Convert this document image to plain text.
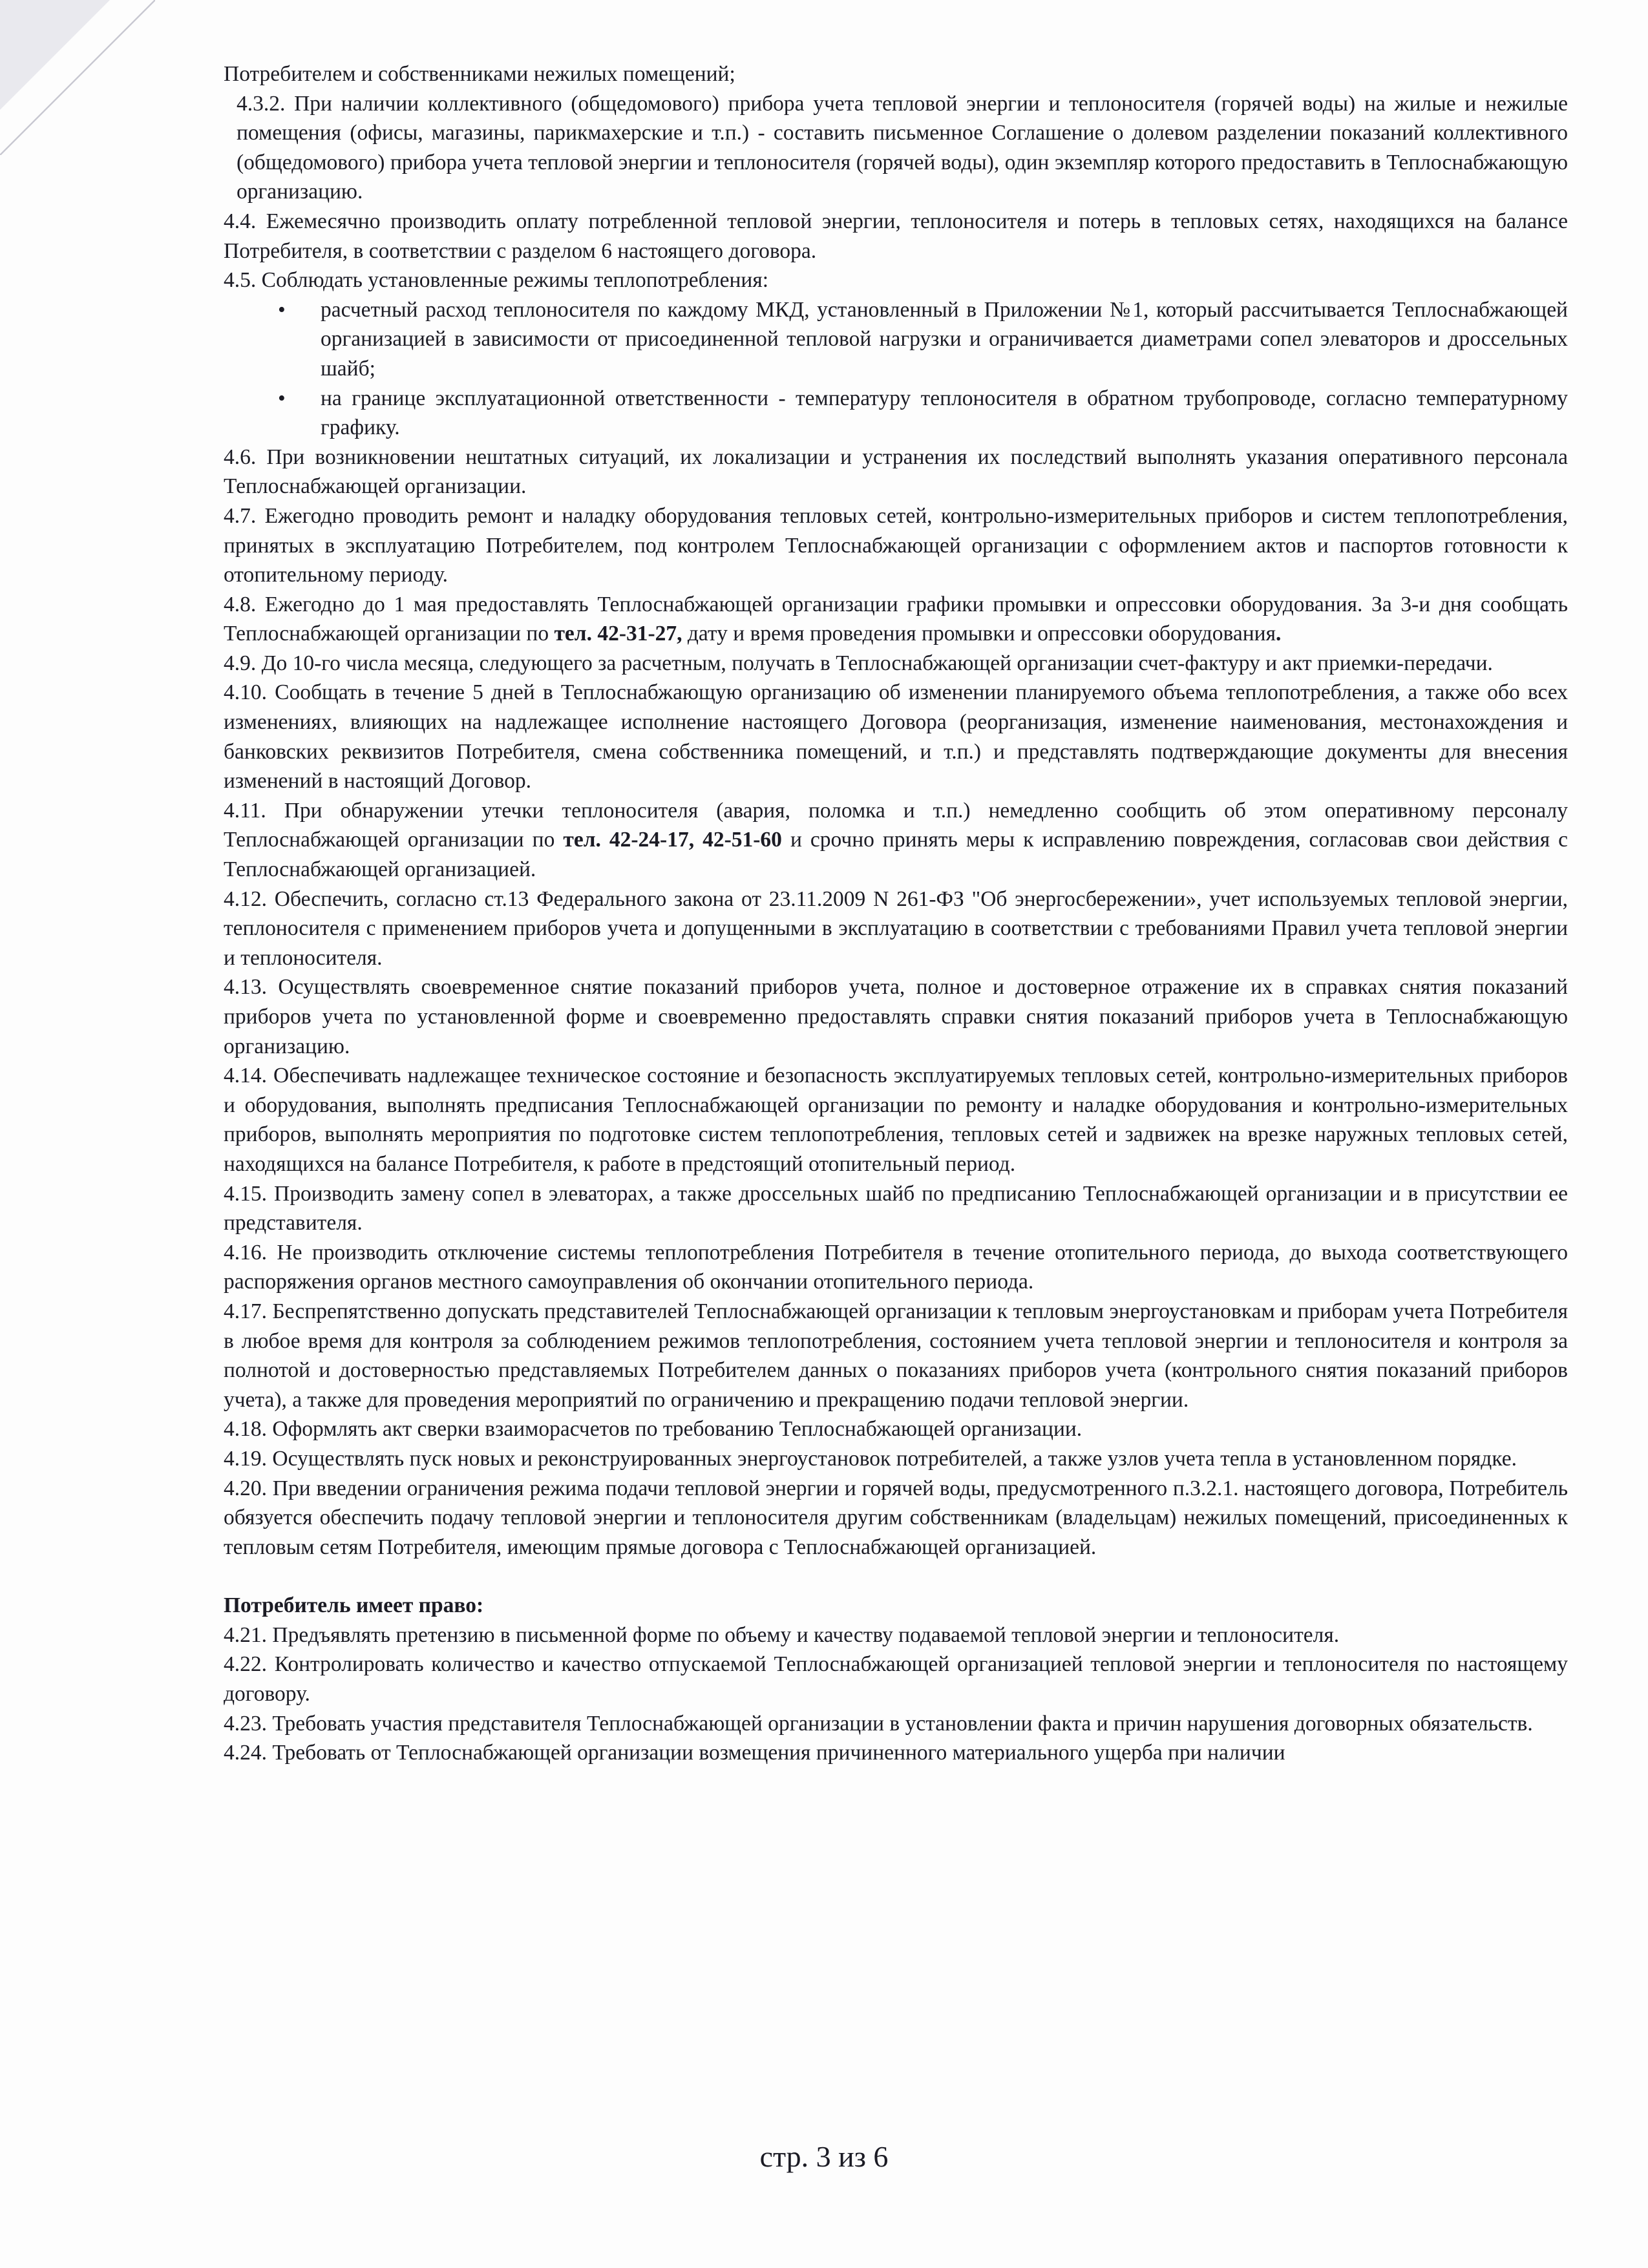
Потребителем и собственниками нежилых помещений;

4.3.2. При наличии коллективного (общедомового) прибора учета тепловой энергии и теплоносителя (горячей воды) на жилые и нежилые помещения (офисы, магазины, парикмахерские и т.п.) - составить письменное Соглашение о долевом разделении показаний коллективного (общедомового) прибора учета тепловой энергии и теплоносителя (горячей воды), один экземпляр которого предоставить в Теплоснабжающую организацию.

4.4. Ежемесячно производить оплату потребленной тепловой энергии, теплоносителя и потерь в тепловых сетях, находящихся на балансе Потребителя, в соответствии с разделом 6 настоящего договора.

4.5. Соблюдать установленные режимы теплопотребления:

• расчетный расход теплоносителя по каждому МКД, установленный в Приложении №1, который рассчитывается Теплоснабжающей организацией в зависимости от присоединенной тепловой нагрузки и ограничивается диаметрами сопел элеваторов и дроссельных шайб;
• на границе эксплуатационной ответственности - температуру теплоносителя в обратном трубопроводе, согласно температурному графику.

4.6. При возникновении нештатных ситуаций, их локализации и устранения их последствий выполнять указания оперативного персонала Теплоснабжающей организации.

4.7. Ежегодно проводить ремонт и наладку оборудования тепловых сетей, контрольно-измерительных приборов и систем теплопотребления, принятых в эксплуатацию Потребителем, под контролем Теплоснабжающей организации с оформлением актов и паспортов готовности к отопительному периоду.

4.8. Ежегодно до 1 мая предоставлять Теплоснабжающей организации графики промывки и опрессовки оборудования. За 3-и дня сообщать Теплоснабжающей организации по тел. 42-31-27, дату и время проведения промывки и опрессовки оборудования.

4.9. До 10-го числа месяца, следующего за расчетным, получать в Теплоснабжающей организации счет-фактуру и акт приемки-передачи.

4.10. Сообщать в течение 5 дней в Теплоснабжающую организацию об изменении планируемого объема теплопотребления, а также обо всех изменениях, влияющих на надлежащее исполнение настоящего Договора (реорганизация, изменение наименования, местонахождения и банковских реквизитов Потребителя, смена собственника помещений, и т.п.) и представлять подтверждающие документы для внесения изменений в настоящий Договор.

4.11. При обнаружении утечки теплоносителя (авария, поломка и т.п.) немедленно сообщить об этом оперативному персоналу Теплоснабжающей организации по тел. 42-24-17, 42-51-60 и срочно принять меры к исправлению повреждения, согласовав свои действия с Теплоснабжающей организацией.

4.12. Обеспечить, согласно ст.13 Федерального закона от 23.11.2009 N 261-ФЗ "Об энергосбережении», учет используемых тепловой энергии, теплоносителя с применением приборов учета и допущенными в эксплуатацию в соответствии с требованиями Правил учета тепловой энергии и теплоносителя.

4.13. Осуществлять своевременное снятие показаний приборов учета, полное и достоверное отражение их в справках снятия показаний приборов учета по установленной форме и своевременно предоставлять справки снятия показаний приборов учета в Теплоснабжающую организацию.

4.14. Обеспечивать надлежащее техническое состояние и безопасность эксплуатируемых тепловых сетей, контрольно-измерительных приборов и оборудования, выполнять предписания Теплоснабжающей организации по ремонту и наладке оборудования и контрольно-измерительных приборов, выполнять мероприятия по подготовке систем теплопотребления, тепловых сетей и задвижек на врезке наружных тепловых сетей, находящихся на балансе Потребителя, к работе в предстоящий отопительный период.

4.15. Производить замену сопел в элеваторах, а также дроссельных шайб по предписанию Теплоснабжающей организации и в присутствии ее представителя.

4.16. Не производить отключение системы теплопотребления Потребителя в течение отопительного периода, до выхода соответствующего распоряжения органов местного самоуправления об окончании отопительного периода.

4.17. Беспрепятственно допускать представителей Теплоснабжающей организации к тепловым энергоустановкам и приборам учета Потребителя в любое время для контроля за соблюдением режимов теплопотребления, состоянием учета тепловой энергии и теплоносителя и контроля за полнотой и достоверностью представляемых Потребителем данных о показаниях приборов учета (контрольного снятия показаний приборов учета), а также для проведения мероприятий по ограничению и прекращению подачи тепловой энергии.

4.18. Оформлять акт сверки взаиморасчетов по требованию Теплоснабжающей организации.

4.19. Осуществлять пуск новых и реконструированных энергоустановок потребителей, а также узлов учета тепла в установленном порядке.

4.20. При введении ограничения режима подачи тепловой энергии и горячей воды, предусмотренного п.3.2.1. настоящего договора, Потребитель обязуется обеспечить подачу тепловой энергии и теплоносителя другим собственникам (владельцам) нежилых помещений, присоединенных к тепловым сетям Потребителя, имеющим прямые договора с Теплоснабжающей организацией.

Потребитель имеет право:

4.21. Предъявлять претензию в письменной форме по объему и качеству подаваемой тепловой энергии и теплоносителя.

4.22. Контролировать количество и качество отпускаемой Теплоснабжающей организацией тепловой энергии и теплоносителя по настоящему договору.

4.23. Требовать участия представителя Теплоснабжающей организации в установлении факта и причин нарушения договорных обязательств.

4.24. Требовать от Теплоснабжающей организации возмещения причиненного материального ущерба при наличии

стр. 3 из 6
